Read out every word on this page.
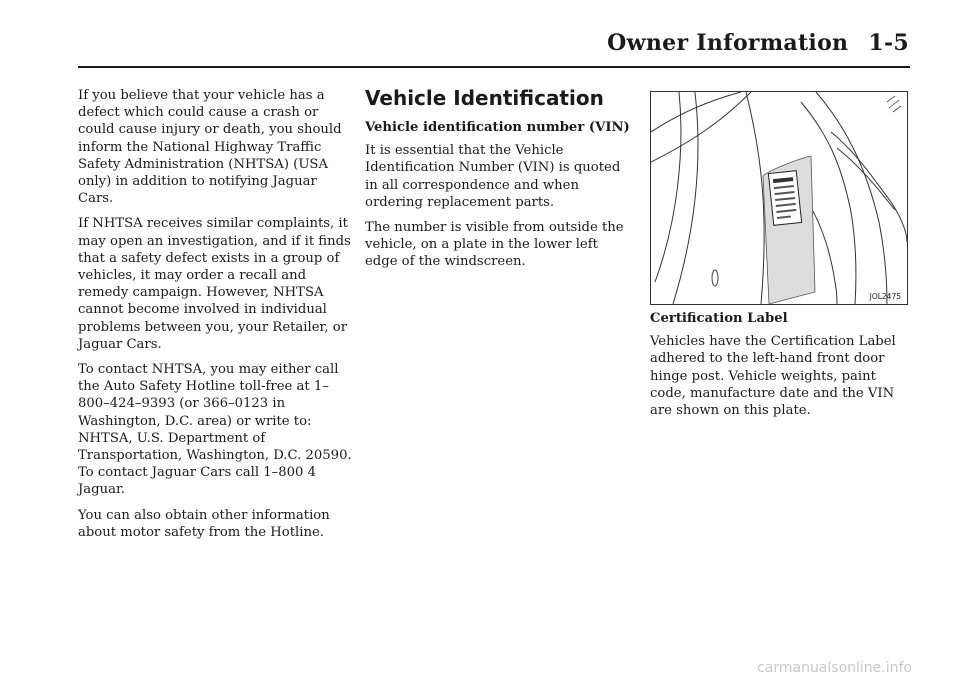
Owner Information 1-5

If you believe that your vehicle has a defect which could cause a crash or could cause injury or death, you should inform the National Highway Traffic Safety Administration (NHTSA) (USA only) in addition to notifying Jaguar Cars.

If NHTSA receives similar complaints, it may open an investigation, and if it finds that a safety defect exists in a group of vehicles, it may order a recall and remedy campaign. However, NHTSA cannot become involved in individual problems between you, your Retailer, or Jaguar Cars.

To contact NHTSA, you may either call the Auto Safety Hotline toll-free at 1–800–424–9393 (or 366–0123 in Washington, D.C. area) or write to: NHTSA, U.S. Department of Transportation, Washington, D.C. 20590. To contact Jaguar Cars call 1–800 4 Jaguar.

You can also obtain other information about motor safety from the Hotline.

Vehicle Identification
Vehicle identification number (VIN)

It is essential that the Vehicle Identification Number (VIN) is quoted in all correspondence and when ordering replacement parts.

The number is visible from outside the vehicle, on a plate in the lower left edge of the windscreen.

JOL2475
Certification Label

Vehicles have the Certification Label adhered to the left-hand front door hinge post. Vehicle weights, paint code, manufacture date and the VIN are shown on this plate.

carmanualsonline.info
